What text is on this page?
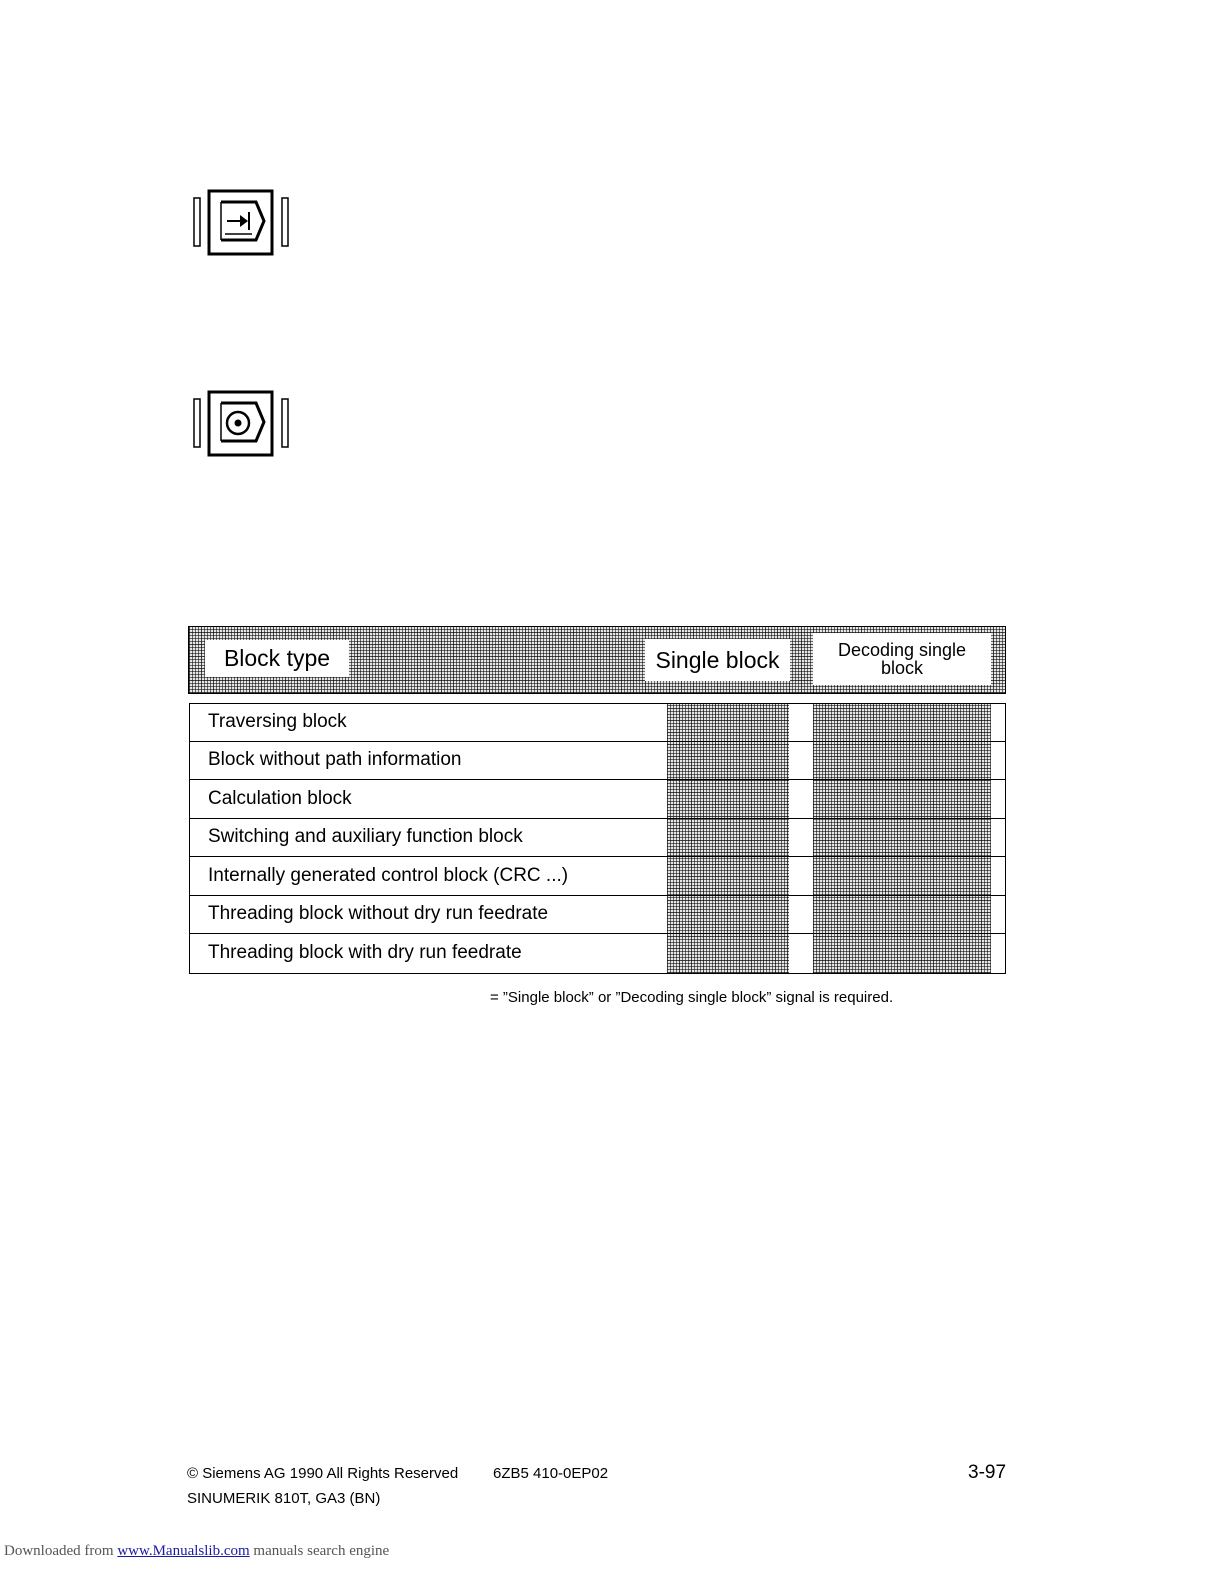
Block type	Single block	Decoding single
block
Traversing block
Block without path information
Calculation block
Switching and auxiliary function block
Internally generated control block (CRC ...)
Threading block without dry run feedrate
Threading block with dry run feedrate
= ”Single block” or ”Decoding single block” signal is required.
© Siemens AG 1990 All Rights Reserved 6ZB5 410-0EP02	3-97
SINUMERIK 810T, GA3 (BN)
Downloaded from www.Manualslib.com manuals search engine
